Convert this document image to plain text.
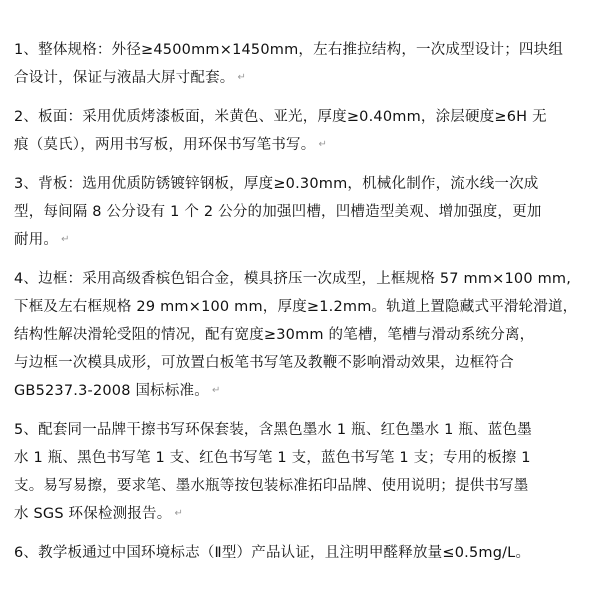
1、整体规格：外径≥4500mm×1450mm，左右推拉结构，一次成型设计；四块组
合设计，保证与液晶大屏寸配套。 ↵
2、板面：采用优质烤漆板面，米黄色、亚光，厚度≥0.40mm，涂层硬度≥6H 无
痕（莫氏），两用书写板，用环保书写笔书写。 ↵
3、背板：选用优质防锈镀锌钢板，厚度≥0.30mm，机械化制作，流水线一次成
型，每间隔 8 公分设有 1 个 2 公分的加强凹槽，凹槽造型美观、增加强度，更加
耐用。 ↵
4、边框：采用高级香槟色铝合金，模具挤压一次成型，上框规格 57 mm×100 mm,
下框及左右框规格 29 mm×100 mm，厚度≥1.2mm。轨道上置隐藏式平滑轮滑道，
结构性解决滑轮受阻的情况，配有宽度≥30mm 的笔槽，笔槽与滑动系统分离，
与边框一次模具成形，可放置白板笔书写笔及教鞭不影响滑动效果，边框符合
GB5237.3-2008 国标标准。 ↵
5、配套同一品牌干擦书写环保套装，含黑色墨水 1 瓶、红色墨水 1 瓶、蓝色墨
水 1 瓶、黑色书写笔 1 支、红色书写笔 1 支，蓝色书写笔 1 支；专用的板擦 1
支。易写易擦，要求笔、墨水瓶等按包装标准拓印品牌、使用说明；提供书写墨
水 SGS 环保检测报告。 ↵
6、教学板通过中国环境标志（Ⅱ型）产品认证，且注明甲醛释放量≤0.5mg/L。
